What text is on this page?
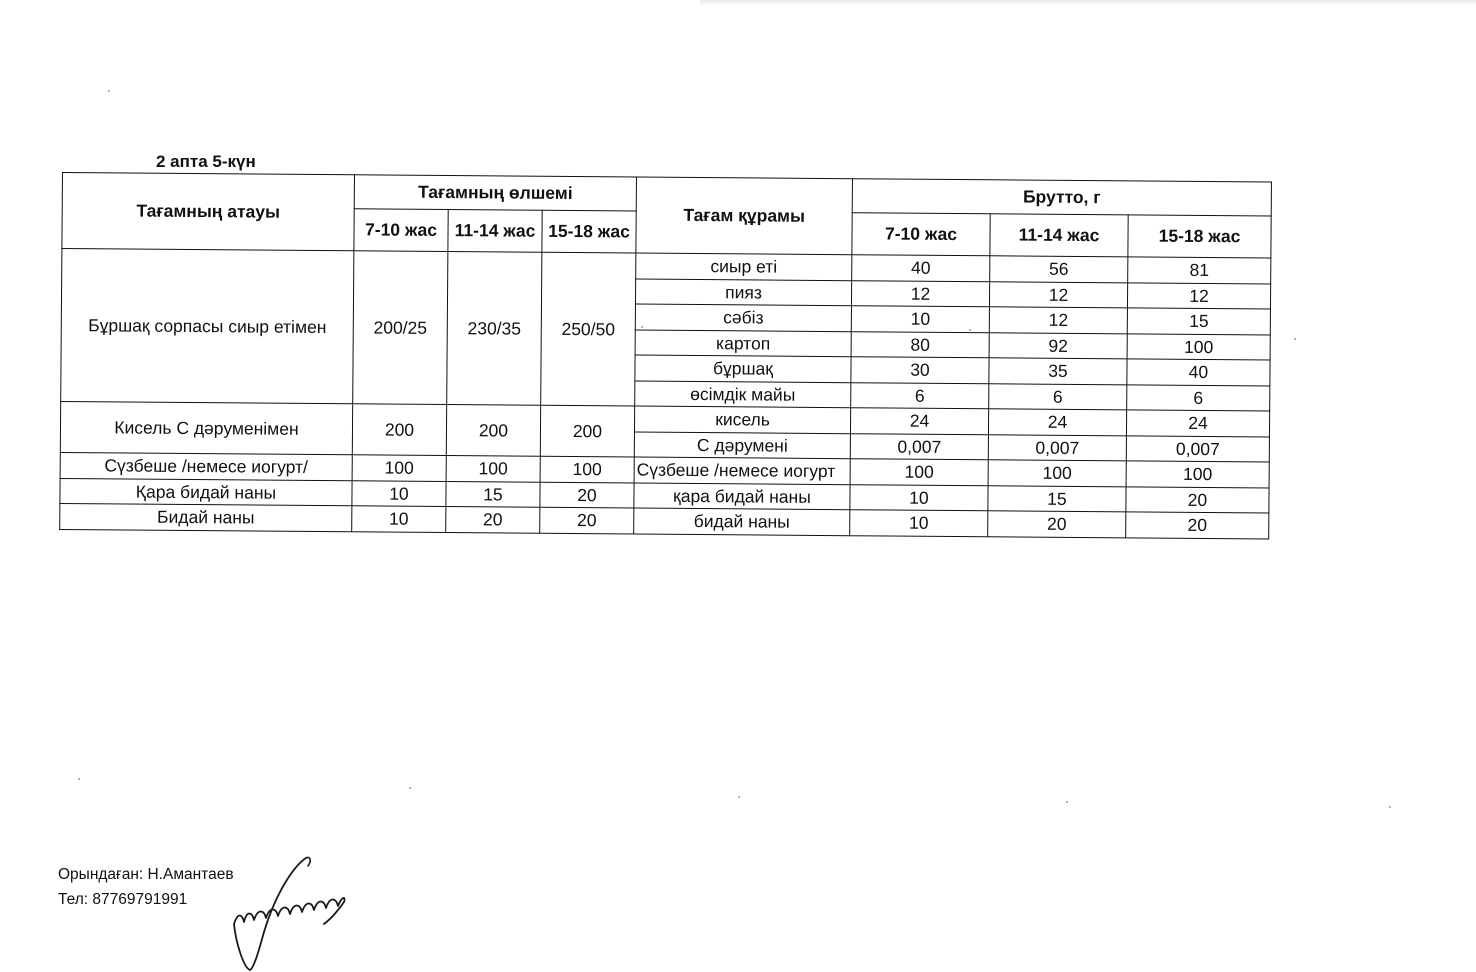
2 апта 5-күн
Тағамның атауы	Тағамның өлшемі			Тағам құрамы	Брутто, г		
	7-10 жас	11-14 жас	15-18 жас		7-10 жас	11-14 жас	15-18 жас
Бұршақ сорпасы сиыр етімен	200/25	230/35	250/50	сиыр еті	40	56	81
				пияз	12	12	12
				сәбіз	10	12	15
				картоп	80	92	100
				бұршақ	30	35	40
				өсімдік майы	6	6	6
Кисель С дәруменімен	200	200	200	кисель	24	24	24
				С дәрумені	0,007	0,007	0,007
Сүзбеше /немесе иогурт/	100	100	100	Сүзбеше /немесе иогурт	100	100	100
Қара бидай наны	10	15	20	қара бидай наны	10	15	20
Бидай наны	10	20	20	бидай наны	10	20	20
Орындаған: Н.Амантаев
Тел: 87769791991
